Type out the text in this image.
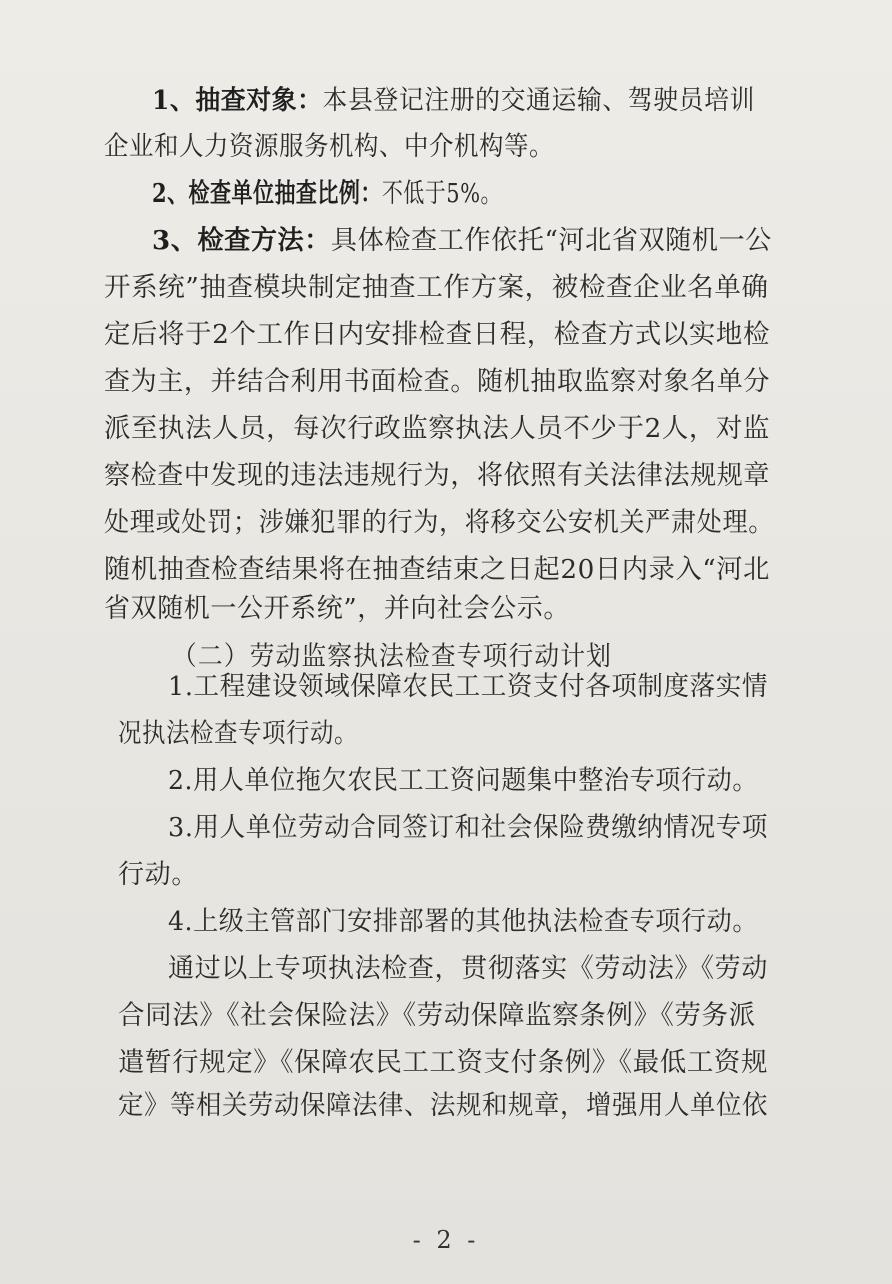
1、抽查对象：本县登记注册的交通运输、驾驶员培训
企业和人力资源服务机构、中介机构等。
2、检查单位抽查比例：不低于5%。
3、检查方法：具体检查工作依托“河北省双随机一公
开系统”抽查模块制定抽查工作方案，被检查企业名单确
定后将于2个工作日内安排检查日程，检查方式以实地检
查为主，并结合利用书面检查。随机抽取监察对象名单分
派至执法人员，每次行政监察执法人员不少于2人，对监
察检查中发现的违法违规行为，将依照有关法律法规规章
处理或处罚；涉嫌犯罪的行为，将移交公安机关严肃处理。
随机抽查检查结果将在抽查结束之日起20日内录入“河北
省双随机一公开系统”，并向社会公示。
（二）劳动监察执法检查专项行动计划
1.工程建设领域保障农民工工资支付各项制度落实情
况执法检查专项行动。
2.用人单位拖欠农民工工资问题集中整治专项行动。
3.用人单位劳动合同签订和社会保险费缴纳情况专项
行动。
4.上级主管部门安排部署的其他执法检查专项行动。
通过以上专项执法检查，贯彻落实《劳动法》《劳动
合同法》《社会保险法》《劳动保障监察条例》《劳务派
遣暂行规定》《保障农民工工资支付条例》《最低工资规
定》等相关劳动保障法律、法规和规章，增强用人单位依
- 2 -
